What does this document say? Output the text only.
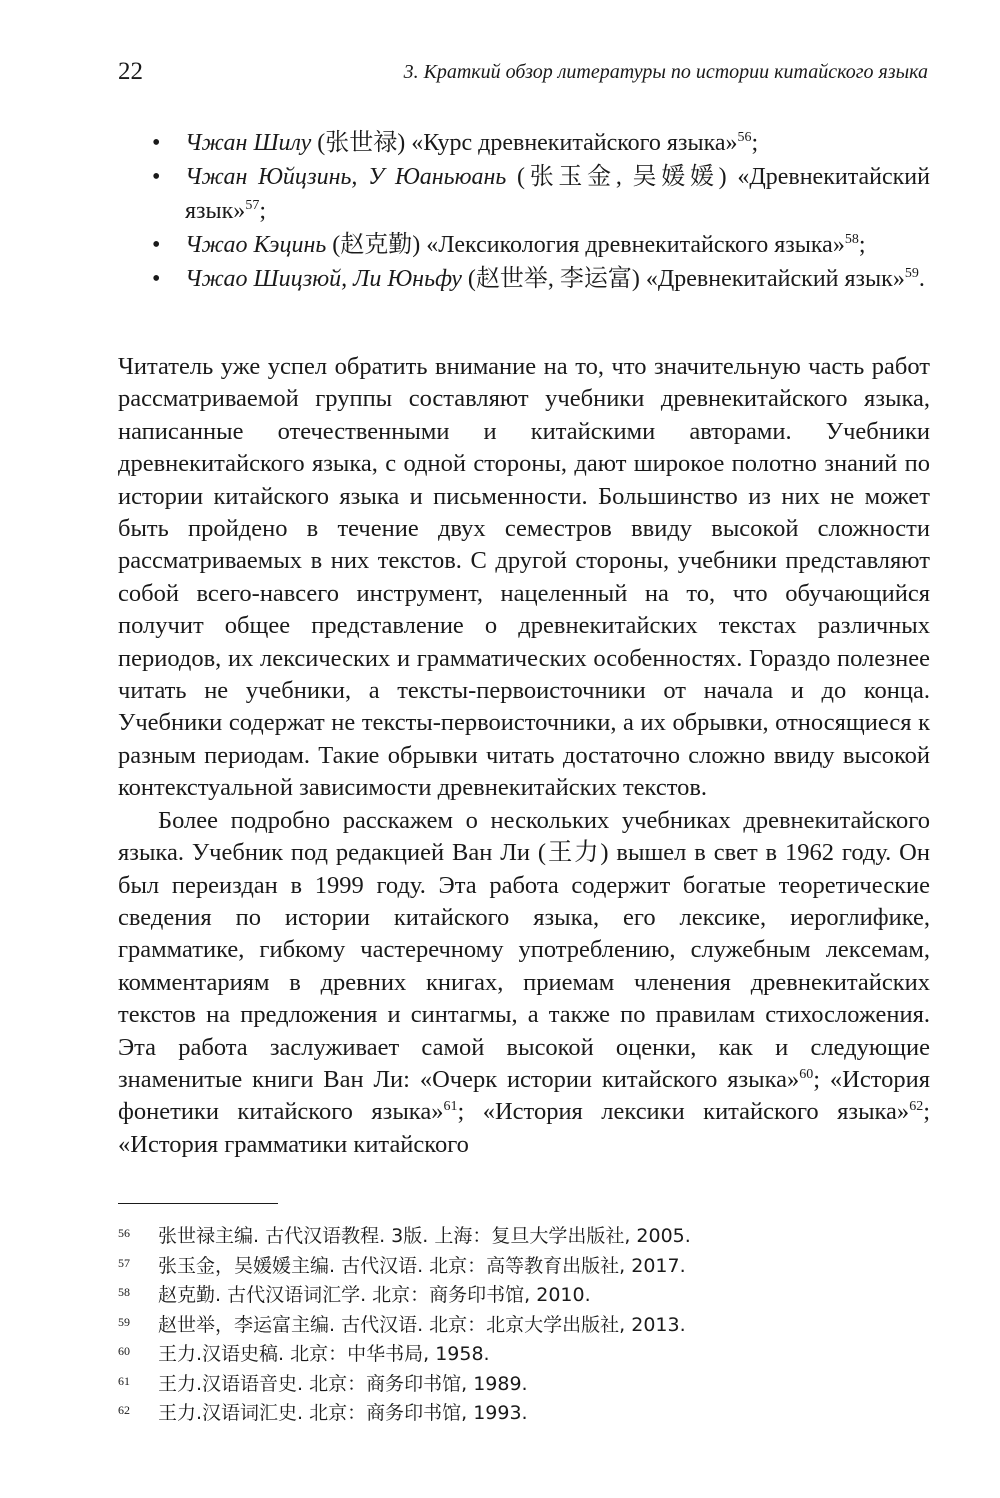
22	3. Краткий обзор литературы по истории китайского языка
• Чжан Шилу (张世禄) «Курс древнекитайского языка»$^{56}$;
• Чжан Юйцзинь, У Юаньюань (张玉金, 吴媛媛) «Древнекитайский язык»$^{57}$;
• Чжао Кэцинь (赵克勤) «Лексикология древнекитайского языка»$^{58}$;
• Чжао Шицзюй, Ли Юньфу (赵世举, 李运富) «Древнекитайский язык»$^{59}$.

Читатель уже успел обратить внимание на то, что значительную часть работ рассматриваемой группы составляют учебники древнекитайского языка, написанные отечественными и китайскими авторами. Учебники древнекитайского языка, с одной стороны, дают широкое полотно знаний по истории китайского языка и письменности. Большинство из них не может быть пройдено в течение двух семестров ввиду высокой сложности рассматриваемых в них текстов. С другой стороны, учебники представляют собой всего-навсего инструмент, нацеленный на то, что обучающийся получит общее представление о древнекитайских текстах различных периодов, их лексических и грамматических особенностях. Гораздо полезнее читать не учебники, а тексты-первоисточники от начала и до конца. Учебники содержат не тексты-первоисточники, а их обрывки, относящиеся к разным периодам. Такие обрывки читать достаточно сложно ввиду высокой контекстуальной зависимости древнекитайских текстов.

Более подробно расскажем о нескольких учебниках древнекитайского языка. Учебник под редакцией Ван Ли (王力) вышел в свет в 1962 году. Он был переиздан в 1999 году. Эта работа содержит богатые теоретические сведения по истории китайского языка, его лексике, иероглифике, грамматике, гибкому частеречному употреблению, служебным лексемам, комментариям в древних книгах, приемам членения древнекитайских текстов на предложения и синтагмы, а также по правилам стихосложения. Эта работа заслуживает самой высокой оценки, как и следующие знаменитые книги Ван Ли: «Очерк истории китайского языка»$^{60}$; «История фонетики китайского языка»$^{61}$; «История лексики китайского языка»$^{62}$; «История грамматики китайского

56 张世禄主编. 古代汉语教程. 3版. 上海：复旦大学出版社, 2005.
57 张玉金，吴媛媛主编. 古代汉语. 北京：高等教育出版社, 2017.
58 赵克勤. 古代汉语词汇学. 北京：商务印书馆, 2010.
59 赵世举，李运富主编. 古代汉语. 北京：北京大学出版社, 2013.
60 王力.汉语史稿. 北京：中华书局, 1958.
61 王力.汉语语音史. 北京：商务印书馆, 1989.
62 王力.汉语词汇史. 北京：商务印书馆, 1993.
